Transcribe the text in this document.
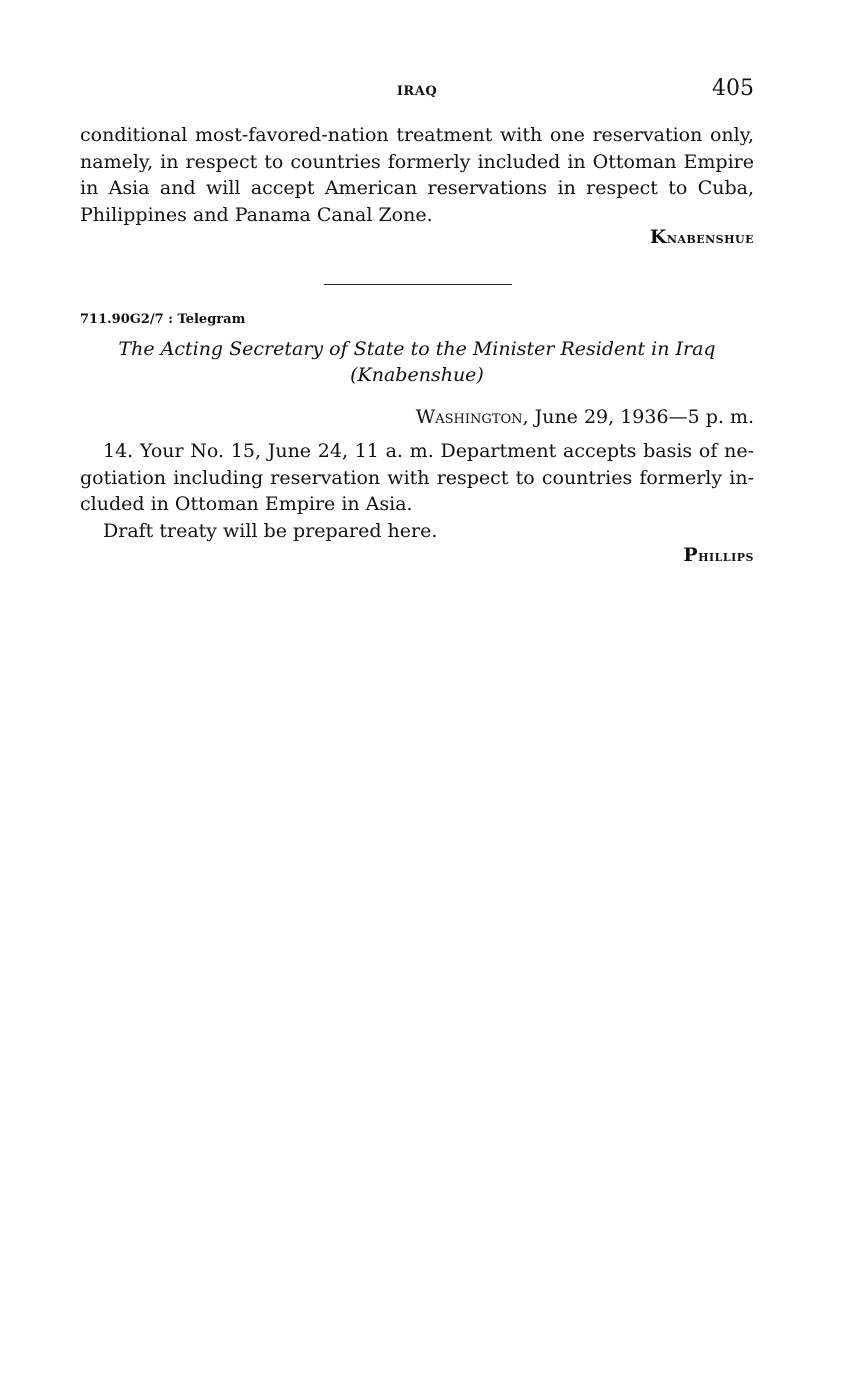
IRAQ	405

conditional most-favored-nation treatment with one reservation only, namely, in respect to countries formerly included in Ottoman Empire in Asia and will accept American reservations in respect to Cuba, Philippines and Panama Canal Zone.

Knabenshue
711.90G2/7 : Telegram
The Acting Secretary of State to the Minister Resident in Iraq
(Knabenshue)
Washington, June 29, 1936—5 p. m.

14. Your No. 15, June 24, 11 a. m. Department accepts basis of negotiation including reservation with respect to countries formerly included in Ottoman Empire in Asia.

Draft treaty will be prepared here.

Phillips
